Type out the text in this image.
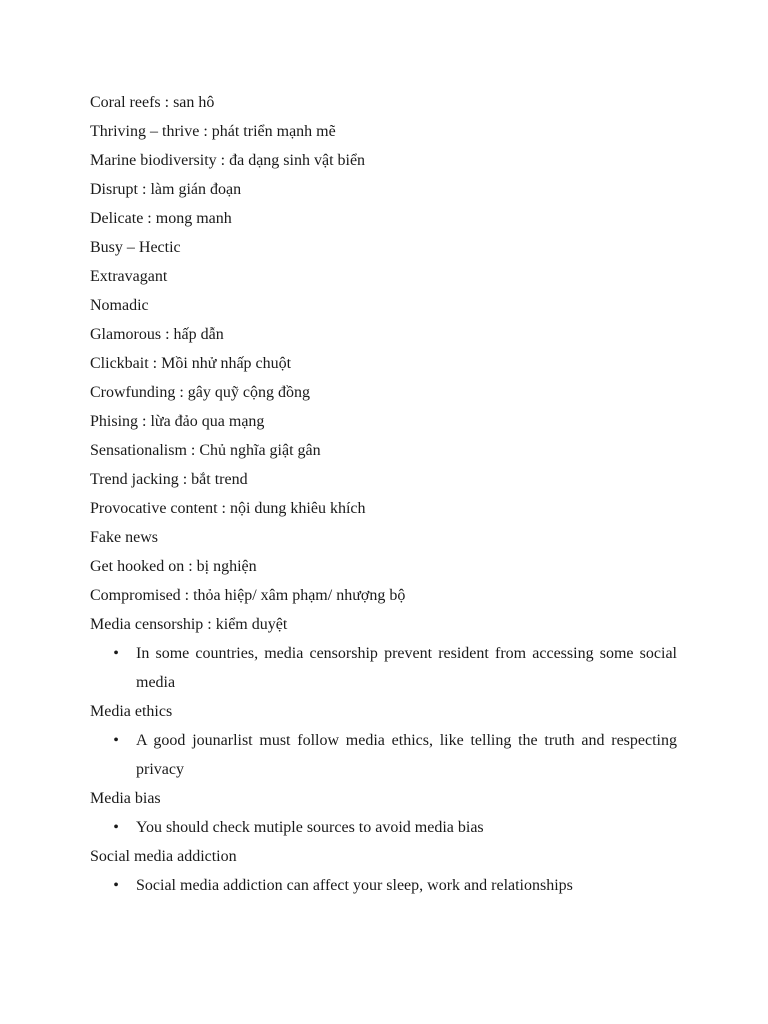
Coral reefs : san hô
Thriving – thrive : phát triển mạnh mẽ
Marine biodiversity : đa dạng sinh vật biển
Disrupt : làm gián đoạn
Delicate : mong manh
Busy – Hectic
Extravagant
Nomadic
Glamorous : hấp dẫn
Clickbait : Mồi nhử nhấp chuột
Crowfunding : gây quỹ cộng đồng
Phising : lừa đảo qua mạng
Sensationalism : Chủ nghĩa giật gân
Trend jacking : bắt trend
Provocative content : nội dung khiêu khích
Fake news
Get hooked on : bị nghiện
Compromised : thỏa hiệp/ xâm phạm/ nhượng bộ
Media censorship : kiểm duyệt
• In some countries, media censorship prevent resident from accessing some social media
Media ethics
• A good jounarlist must follow media ethics, like telling the truth and respecting privacy
Media bias
• You should check mutiple sources to avoid media bias
Social media addiction
• Social media addiction can affect your sleep, work and relationships
